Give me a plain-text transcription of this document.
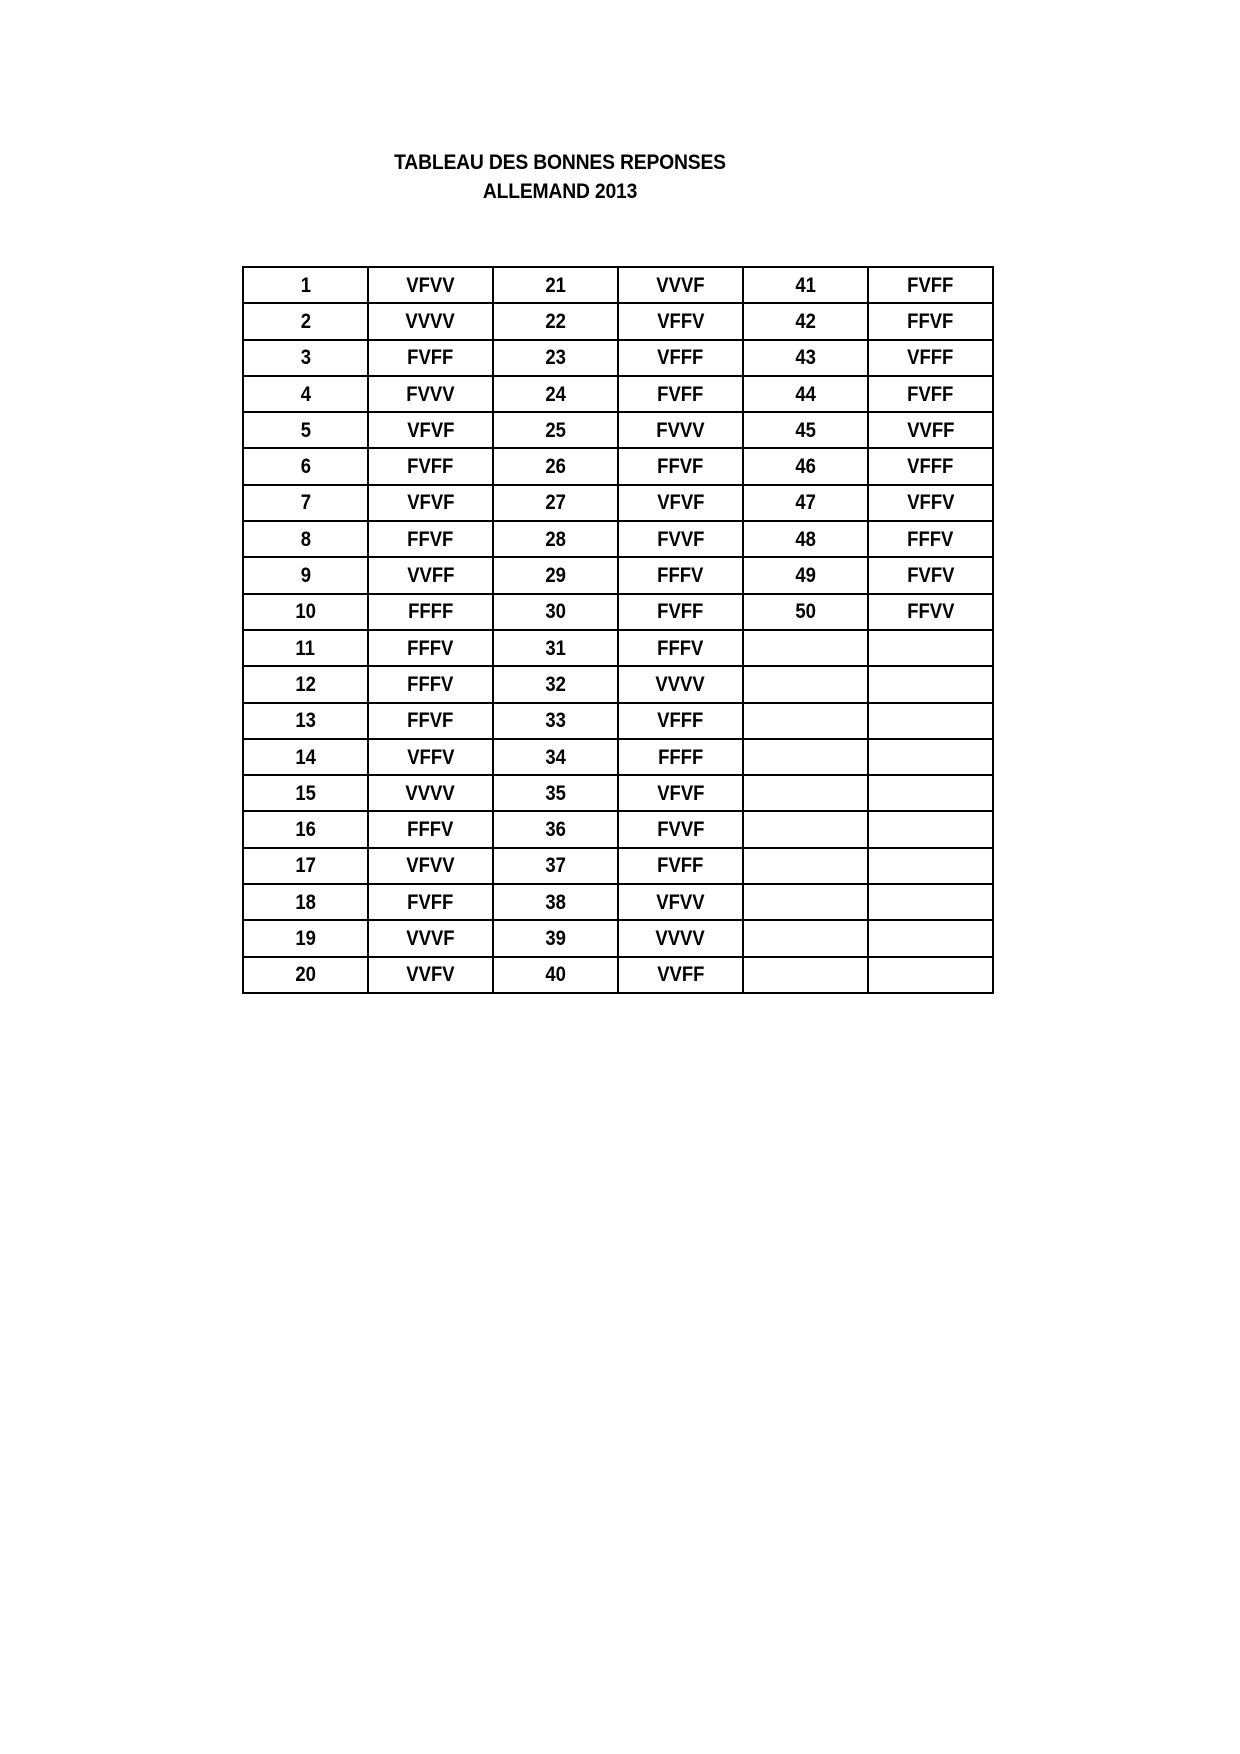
TABLEAU DES BONNES REPONSES
ALLEMAND 2013
1	VFVV	21	VVVF	41	FVFF
2	VVVV	22	VFFV	42	FFVF
3	FVFF	23	VFFF	43	VFFF
4	FVVV	24	FVFF	44	FVFF
5	VFVF	25	FVVV	45	VVFF
6	FVFF	26	FFVF	46	VFFF
7	VFVF	27	VFVF	47	VFFV
8	FFVF	28	FVVF	48	FFFV
9	VVFF	29	FFFV	49	FVFV
10	FFFF	30	FVFF	50	FFVV
11	FFFV	31	FFFV		
12	FFFV	32	VVVV		
13	FFVF	33	VFFF		
14	VFFV	34	FFFF		
15	VVVV	35	VFVF		
16	FFFV	36	FVVF		
17	VFVV	37	FVFF		
18	FVFF	38	VFVV		
19	VVVF	39	VVVV		
20	VVFV	40	VVFF		
